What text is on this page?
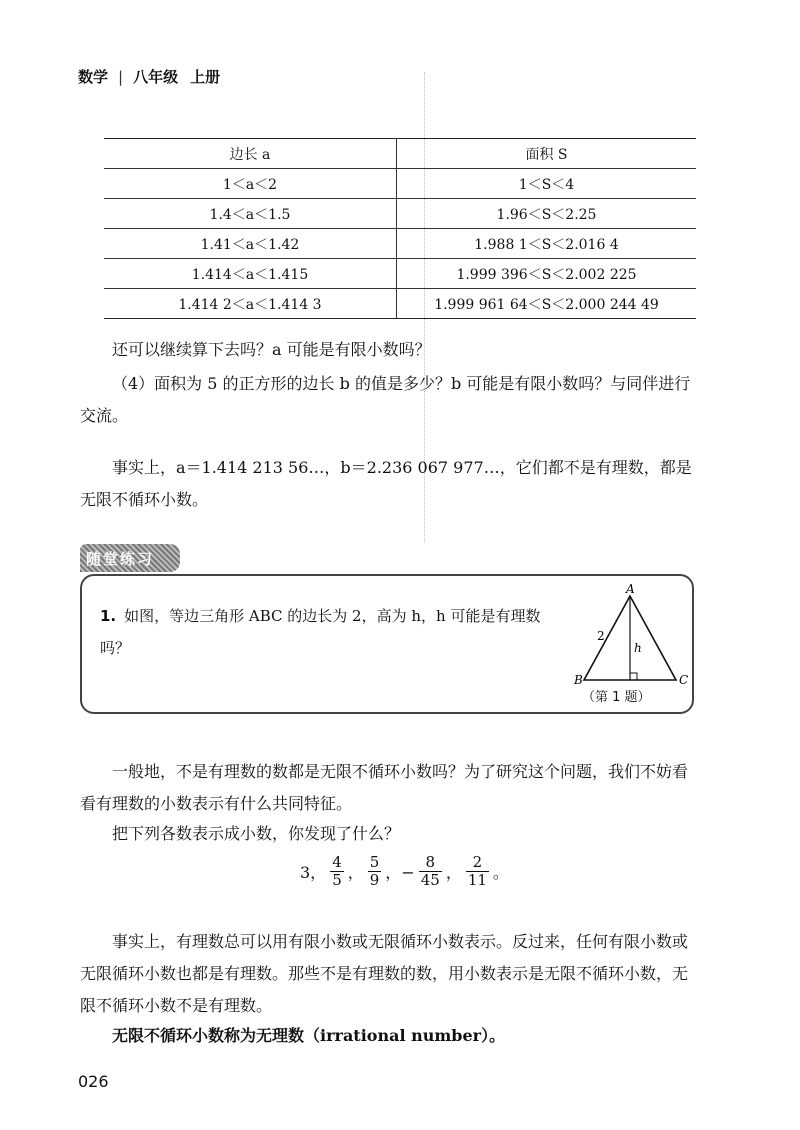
数学 | 八年级 上册
边长 a	面积 S
1＜a＜2	1＜S＜4
1.4＜a＜1.5	1.96＜S＜2.25
1.41＜a＜1.42	1.988 1＜S＜2.016 4
1.414＜a＜1.415	1.999 396＜S＜2.002 225
1.414 2＜a＜1.414 3	1.999 961 64＜S＜2.000 244 49
还可以继续算下去吗？a 可能是有限小数吗？
（4）面积为 5 的正方形的边长 b 的值是多少？b 可能是有限小数吗？与同伴进行交流。
事实上，a＝1.414 213 56…，b＝2.236 067 977…，它们都不是有理数，都是无限不循环小数。
随堂练习
1. 如图，等边三角形 ABC 的边长为 2，高为 h，h 可能是有理数吗？
A
B	C
2
h
（第 1 题）
一般地，不是有理数的数都是无限不循环小数吗？为了研究这个问题，我们不妨看看有理数的小数表示有什么共同特征。
把下列各数表示成小数，你发现了什么？
3， $\frac{4}{5}$ ， $\frac{5}{9}$ ，− $\frac{8}{45}$ ， $\frac{2}{11}$ 。
事实上，有理数总可以用有限小数或无限循环小数表示。反过来，任何有限小数或无限循环小数也都是有理数。那些不是有理数的数，用小数表示是无限不循环小数，无限不循环小数不是有理数。
无限不循环小数称为无理数（irrational number）。
026
